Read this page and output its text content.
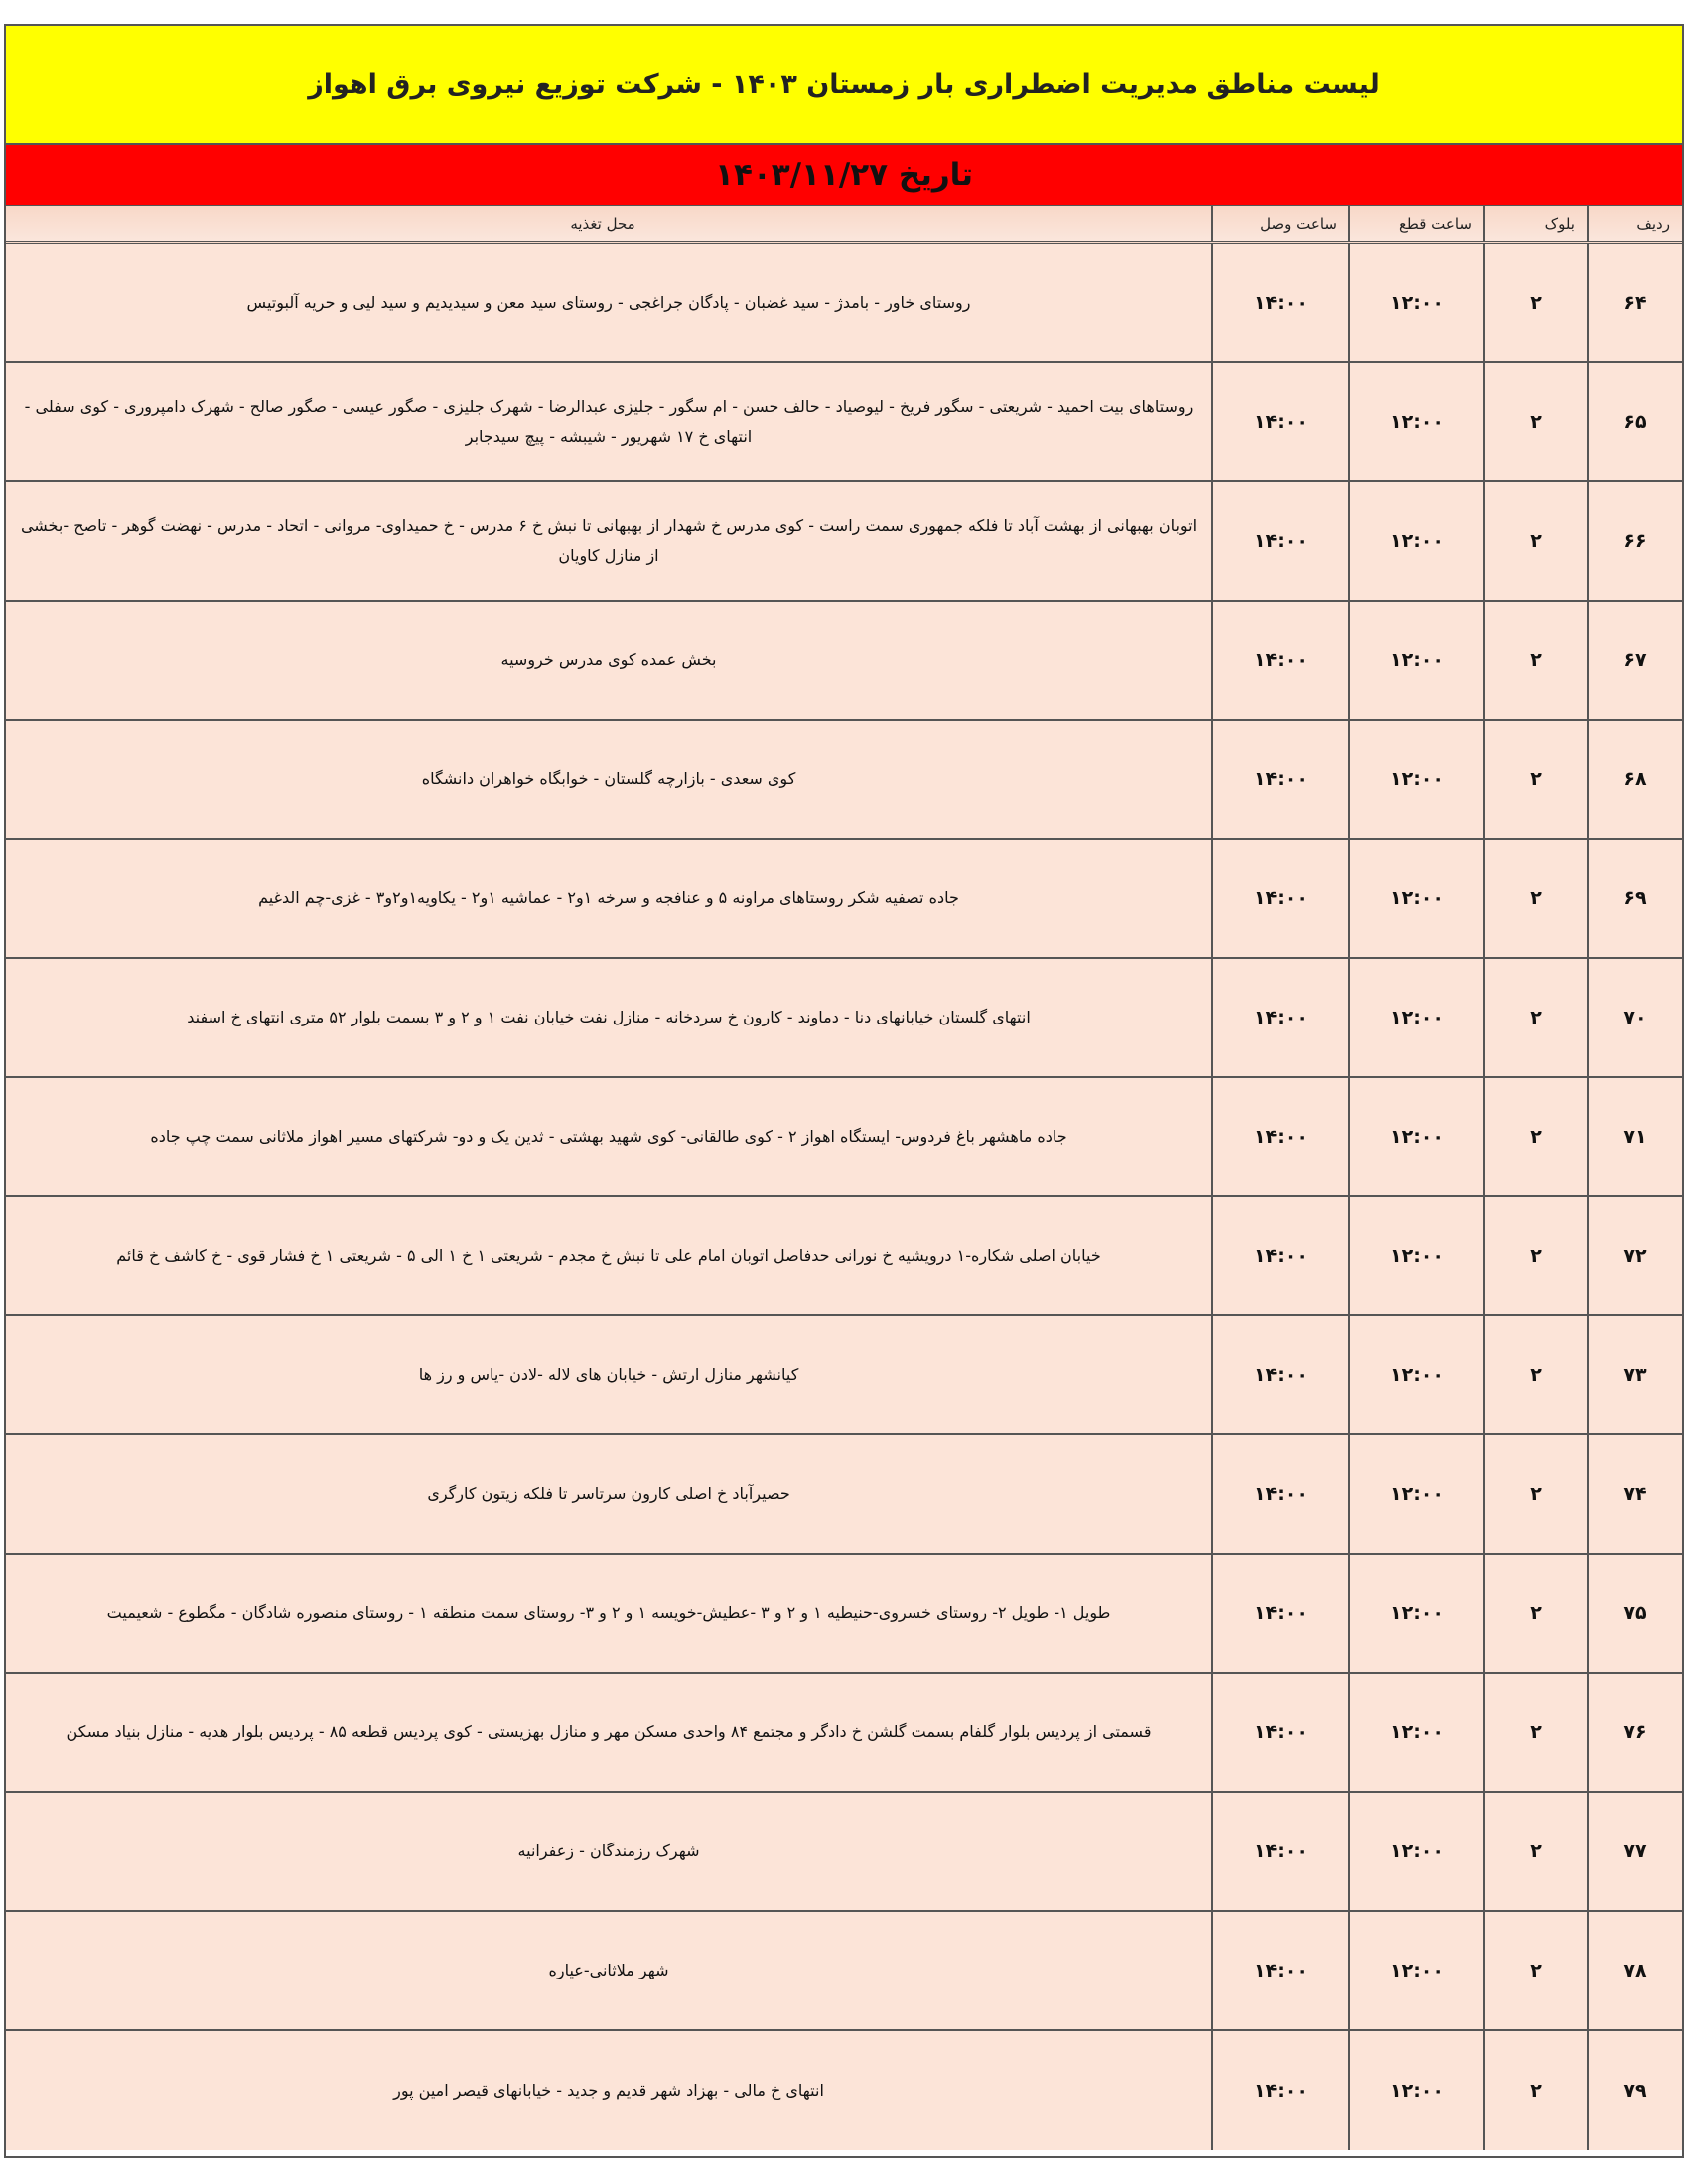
لیست مناطق مدیریت اضطراری بار زمستان ۱۴۰۳ - شرکت توزیع نیروی برق اهواز
تاریخ ۱۴۰۳/۱۱/۲۷
ردیف
بلوک
ساعت قطع
ساعت وصل
محل تغذیه
۶۴
۲
۱۲:۰۰
۱۴:۰۰
روستای خاور - بامدژ - سید غضبان - پادگان جراغجی - روستای سید معن و سیدیدیم و سید لیی و حریه آلبوتیس
۶۵
۲
۱۲:۰۰
۱۴:۰۰
روستاهای بیت احمید - شریعتی - سگور فریخ - لیوصیاد - حالف حسن - ام سگور - جلیزی عبدالرضا - شهرک جلیزی - صگور عیسی - صگور صالح - شهرک دامپروری - کوی سفلی - انتهای خ ۱۷ شهریور - شیبشه - پیچ سیدجابر
۶۶
۲
۱۲:۰۰
۱۴:۰۰
اتوبان بهبهانی از بهشت آباد تا فلکه جمهوری سمت راست - کوی مدرس خ شهدار از بهبهانی تا نبش خ ۶ مدرس - خ حمیداوی- مروانی - اتحاد - مدرس - نهضت گوهر - تاصح -بخشی از منازل کاویان
۶۷
۲
۱۲:۰۰
۱۴:۰۰
بخش عمده کوی مدرس خروسیه
۶۸
۲
۱۲:۰۰
۱۴:۰۰
کوی سعدی - بازارچه گلستان - خوابگاه خواهران دانشگاه
۶۹
۲
۱۲:۰۰
۱۴:۰۰
جاده تصفیه شکر روستاهای مراونه ۵ و عنافجه و سرخه ۱و۲ - عماشیه ۱و۲ - یکاویه۱و۲و۳ - غزی-چم الدغیم
۷۰
۲
۱۲:۰۰
۱۴:۰۰
انتهای گلستان خیابانهای دنا - دماوند - کارون خ سردخانه - منازل نفت خیابان نفت ۱ و ۲ و ۳ بسمت بلوار ۵۲ متری انتهای خ اسفند
۷۱
۲
۱۲:۰۰
۱۴:۰۰
جاده ماهشهر باغ فردوس- ایستگاه اهواز ۲ - کوی طالقانی- کوی شهید بهشتی - ثدین یک و دو- شرکتهای مسیر اهواز ملاثانی سمت چپ جاده
۷۲
۲
۱۲:۰۰
۱۴:۰۰
خیابان اصلی شکاره-۱ درویشیه خ نورانی حدفاصل اتوبان امام علی تا نبش خ مجدم - شریعتی ۱ خ ۱ الی ۵ - شریعتی ۱ خ فشار قوی - خ کاشف خ قائم
۷۳
۲
۱۲:۰۰
۱۴:۰۰
کیانشهر منازل ارتش - خیابان های لاله -لادن -یاس و رز ها
۷۴
۲
۱۲:۰۰
۱۴:۰۰
حصیرآباد خ اصلی کارون سرتاسر تا فلکه زیتون کارگری
۷۵
۲
۱۲:۰۰
۱۴:۰۰
طویل ۱- طویل ۲- روستای خسروی-حنیطیه ۱ و ۲ و ۳ -عطیش-خویسه ۱ و ۲ و ۳- روستای سمت منطقه ۱ - روستای منصوره شادگان - مگطوع - شعیمیت
۷۶
۲
۱۲:۰۰
۱۴:۰۰
قسمتی از پردیس بلوار گلفام بسمت گلشن خ دادگر و مجتمع ۸۴ واحدی مسکن مهر و منازل بهزیستی - کوی پردیس قطعه ۸۵ - پردیس بلوار هدیه - منازل بنیاد مسکن
۷۷
۲
۱۲:۰۰
۱۴:۰۰
شهرک رزمندگان - زعفرانیه
۷۸
۲
۱۲:۰۰
۱۴:۰۰
شهر ملاثانی-عیاره
۷۹
۲
۱۲:۰۰
۱۴:۰۰
انتهای خ مالی - بهزاد شهر قدیم و جدید - خیابانهای قیصر امین پور
